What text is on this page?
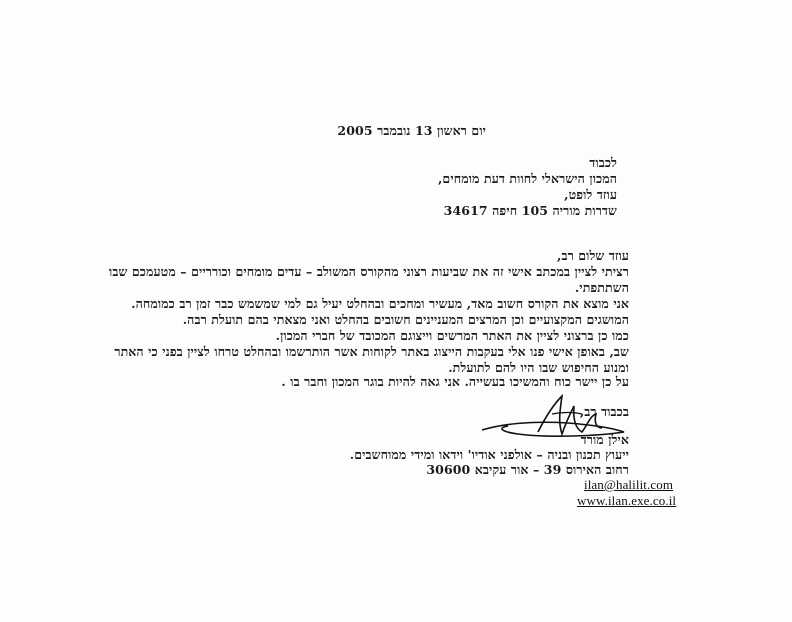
יום ראשון 13 נובמבר 2005
לכבוד
המכון הישראלי לחוות דעת מומחים,
עוזד לופט,
שדרות מוריה 105 חיפה 34617
עוזד שלום רב,
רציתי לציין במכתב אישי זה את שביעות רצוני מהקורס המשולב – עדים מומחים וכורריים – מטעמכם שבו
השתתפתי.
אני מוצא את הקורס חשוב מאד, מעשיר ומחכים ובהחלט יעיל גם למי שמשמש כבר זמן רב כמומחה.
המושגים המקצועיים וכן המרצים המעניינים חשובים בהחלט ואני מצאתי בהם תועלת רבה.
כמו כן ברצוני לציין את האתר המרשים וייצוגם המכובד של חברי המכון.
שב, באופן אישי פנו אלי בעקבות הייצוג באתר לקוחות אשר הותרשמו ובהחלט טרחו לציין בפני כי האתר
ומנוע החיפוש שבו היו להם לתועלת.
על כן יישר כוח והמשיכו בעשייה. אני גאה להיות בוגר המכון וחבר בו .
בכבוד רב,
אילן מורד
ייעוץ תכנון ובניה – אולפני אודיו' וידאו ומידי ממוחשבים.
רחוב האירוס 39 – אור עקיבא 30600
ilan@halilit.com
www.ilan.exe.co.il
